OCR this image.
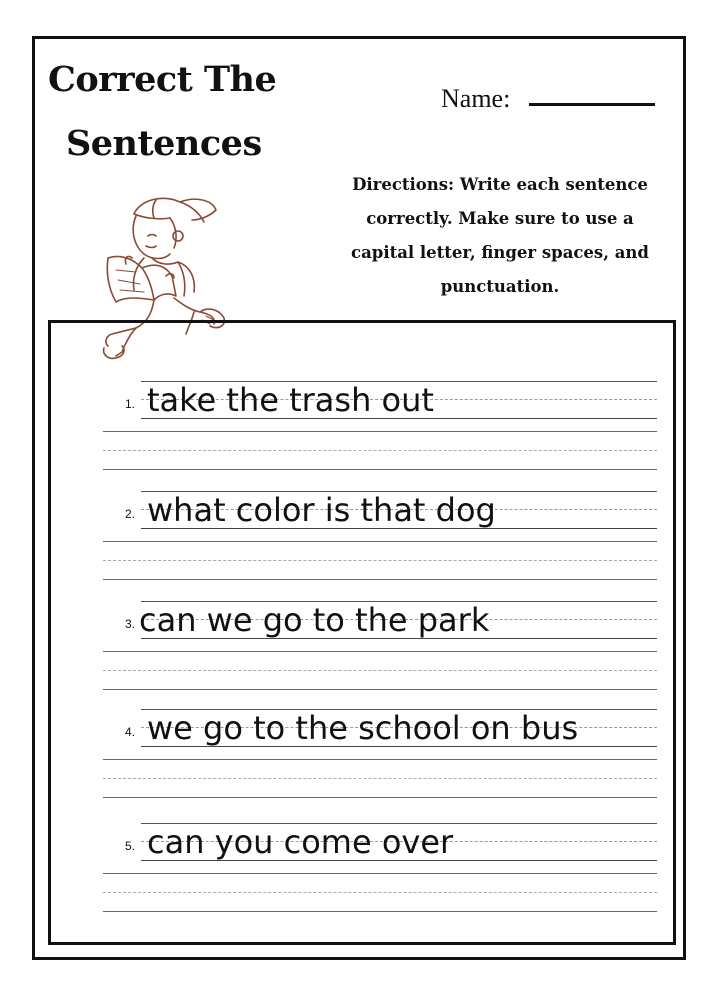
Correct The
Sentences
Name:
Directions: Write each sentence correctly. Make sure to use a capital letter, finger spaces, and punctuation.
1. take the trash out
2. what color is that dog
3. can we go to the park
4. we go to the school on bus
5. can you come over
